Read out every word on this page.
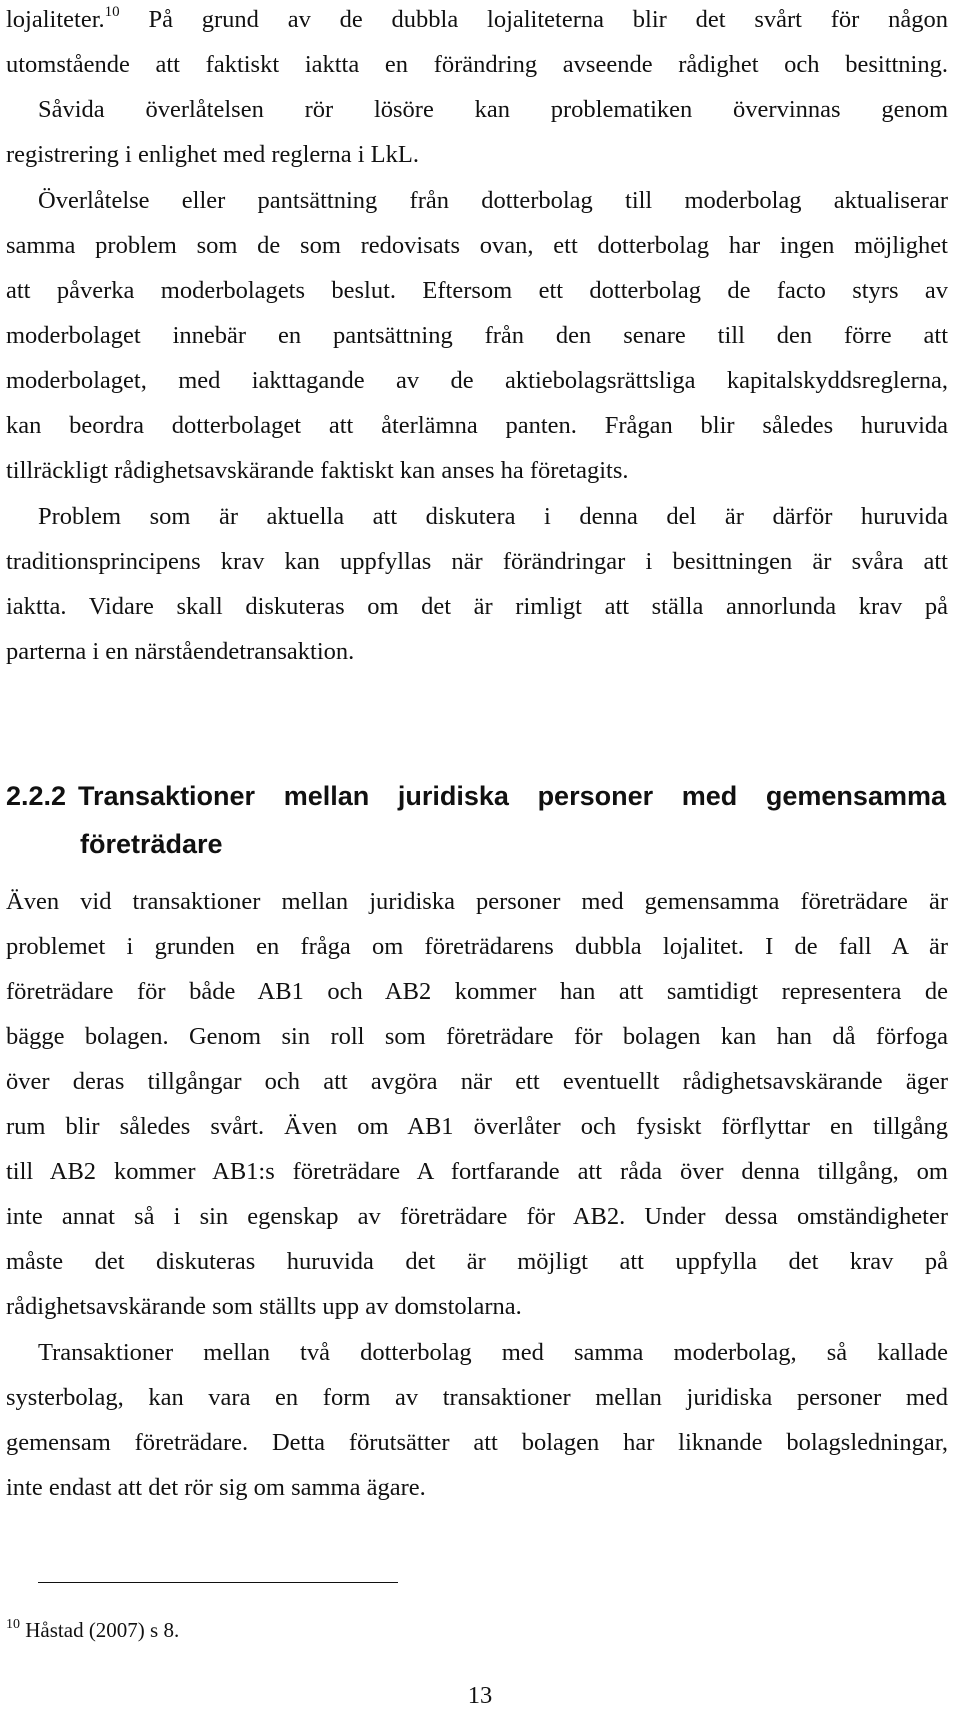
lojaliteter.$^{10}$ På grund av de dubbla lojaliteterna blir det svårt för någon
utomstående att faktiskt iakttа en förändring avseende rådighet och besittning.
Såvida överlåtelsen rör lösöre kan problematiken övervinnas genom
registrering i enlighet med reglerna i LkL.
Överlåtelse eller pantsättning från dotterbolag till moderbolag aktualiserar
samma problem som de som redovisats ovan, ett dotterbolag har ingen möjlighet
att påverka moderbolagets beslut. Eftersom ett dotterbolag de facto styrs av
moderbolaget innebär en pantsättning från den senare till den förre att
moderbolaget, med iakttagande av de aktiebolagsrättsliga kapitalskyddsreglerna,
kan beordra dotterbolaget att återlämna panten. Frågan blir således huruvida
tillräckligt rådighetsavskärande faktiskt kan anses ha företagits.
Problem som är aktuella att diskutera i denna del är därför huruvida
traditionsprincipens krav kan uppfyllas när förändringar i besittningen är svåra att
iaktta. Vidare skall diskuteras om det är rimligt att ställa annorlunda krav på
parterna i en närståendetransaktion.
2.2.2 Transaktioner mellan juridiska personer med gemensamma
företrädare
Även vid transaktioner mellan juridiska personer med gemensamma företrädare är
problemet i grunden en fråga om företrädarens dubbla lojalitet. I de fall A är
företrädare för både AB1 och AB2 kommer han att samtidigt representera de
bägge bolagen. Genom sin roll som företrädare för bolagen kan han då förfoga
över deras tillgångar och att avgöra när ett eventuellt rådighetsavskärande äger
rum blir således svårt. Även om AB1 överlåter och fysiskt förflyttar en tillgång
till AB2 kommer AB1:s företrädare A fortfarande att råda över denna tillgång, om
inte annat så i sin egenskap av företrädare för AB2. Under dessa omständigheter
måste det diskuteras huruvida det är möjligt att uppfylla det krav på
rådighetsavskärande som ställts upp av domstolarna.
Transaktioner mellan två dotterbolag med samma moderbolag, så kallade
systerbolag, kan vara en form av transaktioner mellan juridiska personer med
gemensam företrädare. Detta förutsätter att bolagen har liknande bolagsledningar,
inte endast att det rör sig om samma ägare.
$^{10}$ Håstad (2007) s 8.
13
